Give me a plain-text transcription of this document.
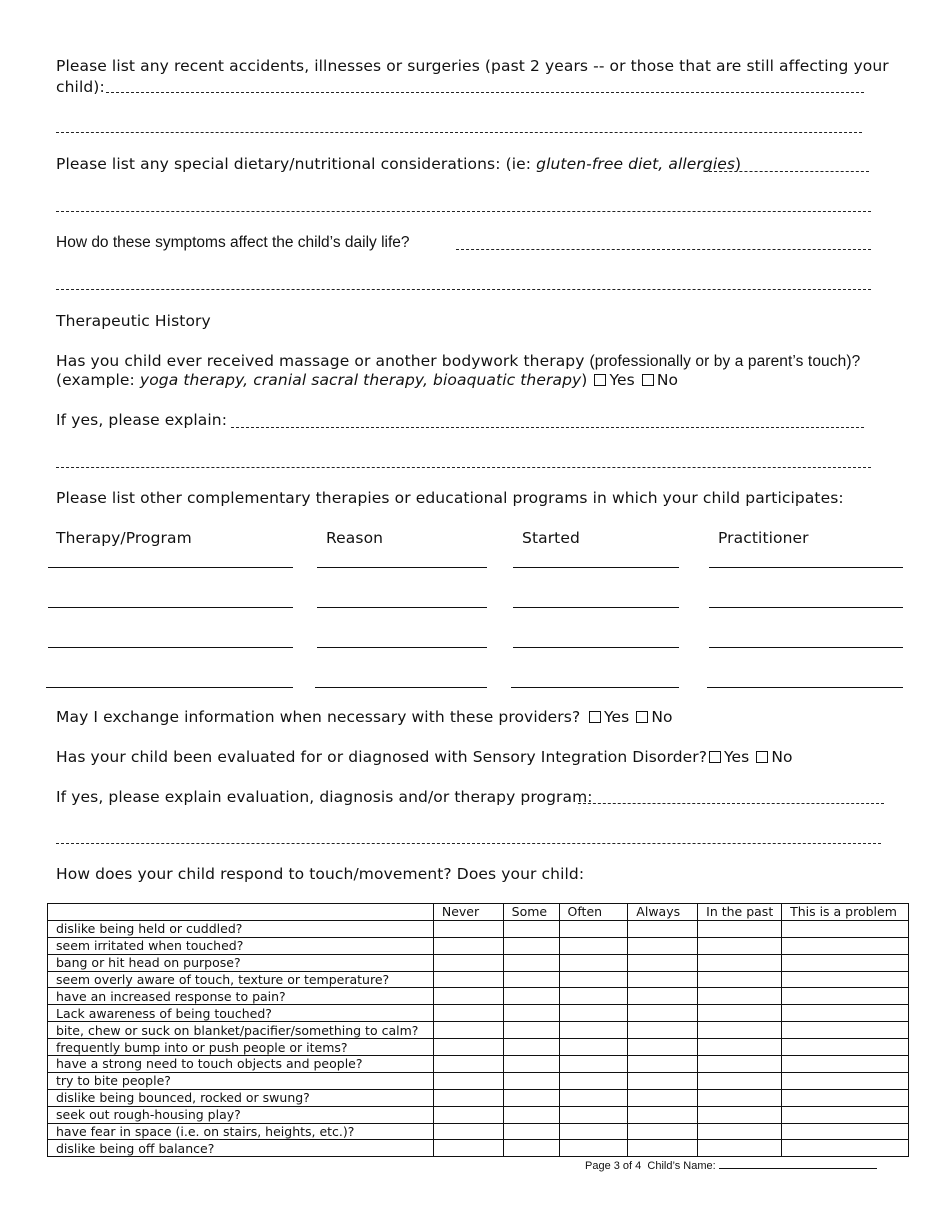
Please list any recent accidents, illnesses or surgeries (past 2 years -- or those that are still affecting your
child):
Please list any special dietary/nutritional considerations: (ie: gluten-free diet, allergies)
How do these symptoms affect the child’s daily life?
Therapeutic History
Has you child ever received massage or another bodywork therapy (professionally or by a parent’s touch)?
(example: yoga therapy, cranial sacral therapy, bioaquatic therapy) Yes No
If yes, please explain:
Please list other complementary therapies or educational programs in which your child participates:
Therapy/Program	Reason	Started	Practitioner
May I exchange information when necessary with these providers?	Yes No
Has your child been evaluated for or diagnosed with Sensory Integration Disorder?	Yes No
If yes, please explain evaluation, diagnosis and/or therapy program:
How does your child respond to touch/movement? Does your child:
	Never	Some	Often	Always	In the past	This is a problem
dislike being held or cuddled?						
seem irritated when touched?						
bang or hit head on purpose?						
seem overly aware of touch, texture or temperature?						
have an increased response to pain?						
Lack awareness of being touched?						
bite, chew or suck on blanket/pacifier/something to calm?						
frequently bump into or push people or items?						
have a strong need to touch objects and people?						
try to bite people?						
dislike being bounced, rocked or swung?						
seek out rough-housing play?						
have fear in space (i.e. on stairs, heights, etc.)?						
dislike being off balance?						
Page 3 of 4 Child’s Name:
